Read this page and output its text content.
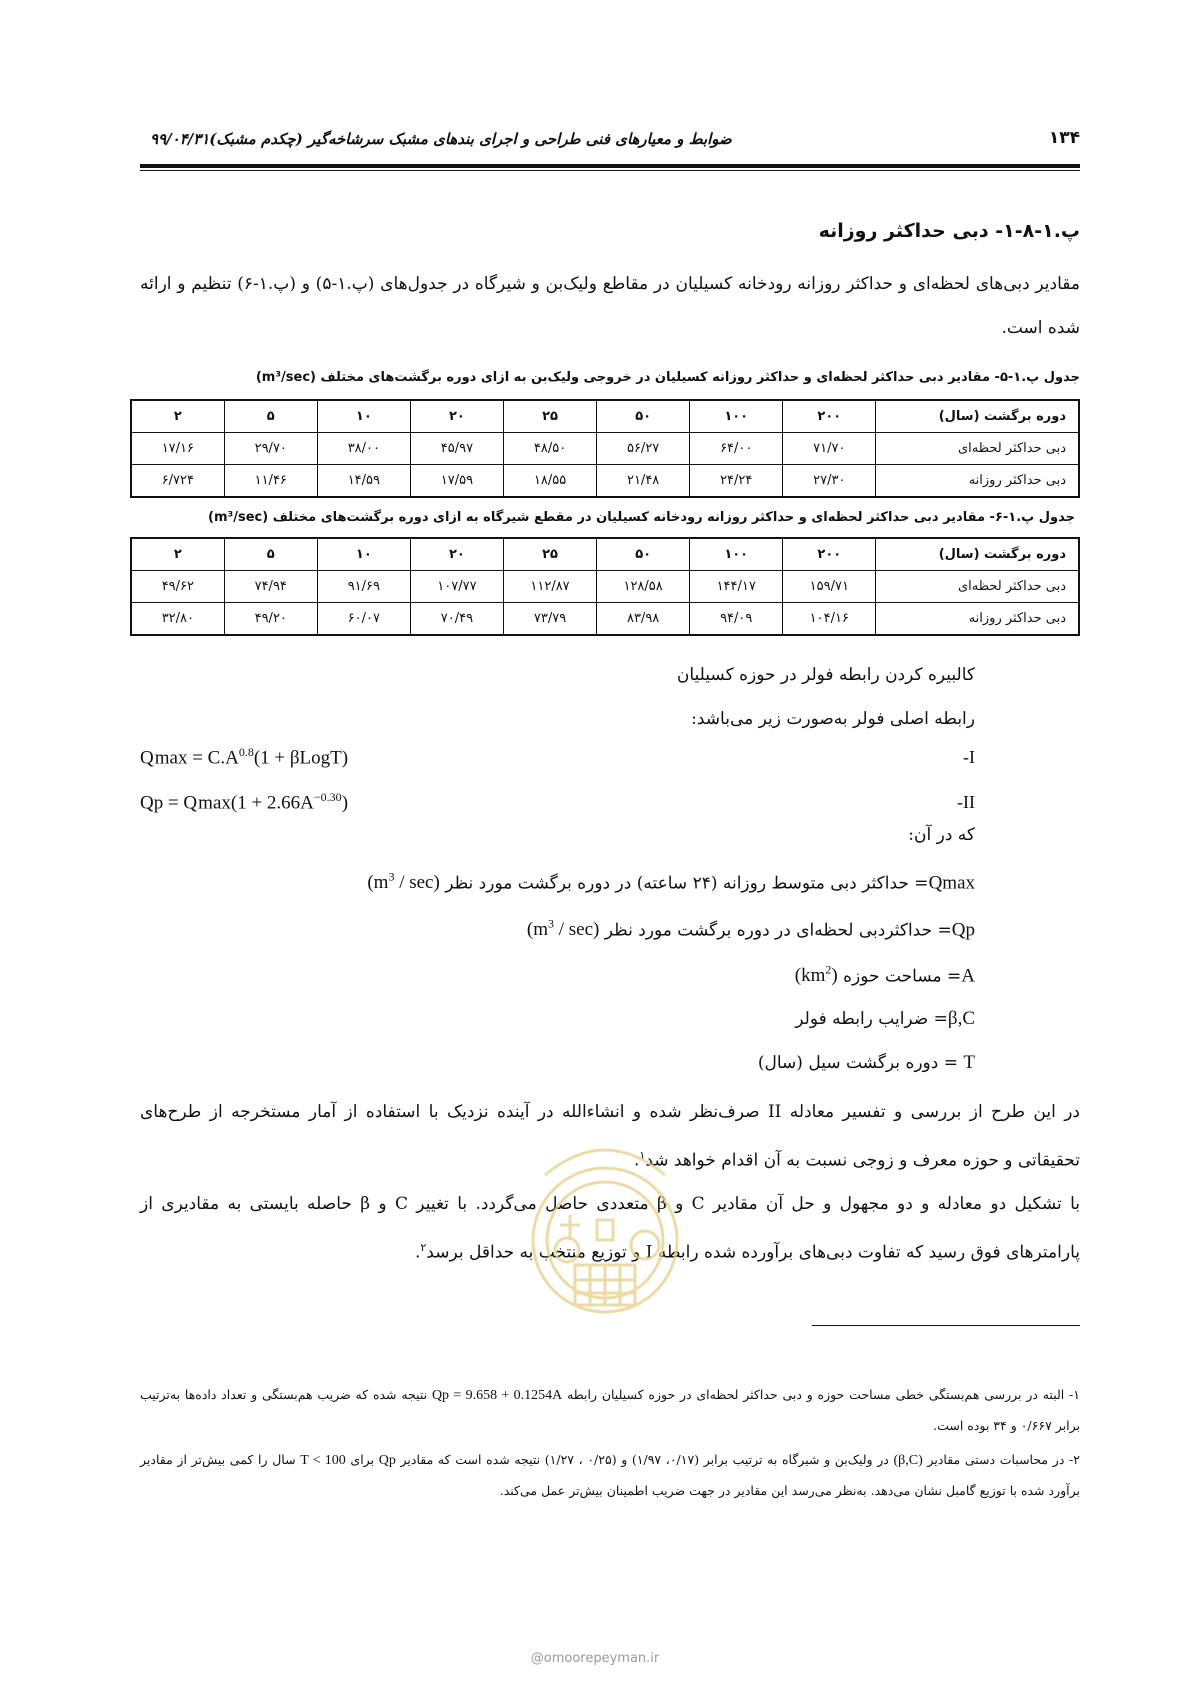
۱۳۴
ضوابط و معیارهای فنی طراحی و اجرای بندهای مشبک سرشاخه‌گیر (چکدم مشبک)۹۹/۰۴/۳۱
پ.۱-۸-۱- دبی حداکثر روزانه
مقادیر دبی‌های لحظه‌ای و حداکثر روزانه رودخانه کسیلیان در مقاطع ولیک‌بن و شیرگاه در جدول‌های (پ.۱-۵) و (پ.۱-۶) تنظیم و ارائه شده است.
جدول پ.۱-۵- مقادیر دبی حداکثر لحظه‌ای و حداکثر روزانه کسیلیان در خروجی ولیک‌بن به ازای دوره برگشت‌های مختلف (m³/sec)
دوره برگشت (سال)	۲۰۰	۱۰۰	۵۰	۲۵	۲۰	۱۰	۵	۲
دبی حداکثر لحظه‌ای	۷۱/۷۰	۶۴/۰۰	۵۶/۲۷	۴۸/۵۰	۴۵/۹۷	۳۸/۰۰	۲۹/۷۰	۱۷/۱۶
دبی حداکثر روزانه	۲۷/۳۰	۲۴/۲۴	۲۱/۴۸	۱۸/۵۵	۱۷/۵۹	۱۴/۵۹	۱۱/۴۶	۶/۷۲۴
جدول پ.۱-۶- مقادیر دبی حداکثر لحظه‌ای و حداکثر روزانه رودخانه کسیلیان در مقطع شیرگاه به ازای دوره برگشت‌های مختلف (m³/sec)
دوره برگشت (سال)	۲۰۰	۱۰۰	۵۰	۲۵	۲۰	۱۰	۵	۲
دبی حداکثر لحظه‌ای	۱۵۹/۷۱	۱۴۴/۱۷	۱۲۸/۵۸	۱۱۲/۸۷	۱۰۷/۷۷	۹۱/۶۹	۷۴/۹۴	۴۹/۶۲
دبی حداکثر روزانه	۱۰۴/۱۶	۹۴/۰۹	۸۳/۹۸	۷۳/۷۹	۷۰/۴۹	۶۰/۰۷	۴۹/۲۰	۳۲/۸۰
کالبیره کردن رابطه فولر در حوزه کسیلیان
رابطه اصلی فولر به‌صورت زیر می‌باشد:
$Qmax = C.A^{0.8}(1$ + βLogT)	-I
$Qp = Qmax(1 + 2.66A^{-0.30})$	-II
که در آن:
Qmax= حداکثر دبی متوسط روزانه (۲۴ ساعته) در دوره برگشت مورد نظر $(m^3 / \sec)$
Qp= حداکثردبی لحظه‌ای در دوره برگشت مورد نظر $(m^3 / \sec)$
A= مساحت حوزه $(km^2)$
β,C= ضرایب رابطه فولر
T = دوره برگشت سیل (سال)
در این طرح از بررسی و تفسیر معادله II صرف‌نظر شده و انشاءالله در آینده نزدیک با استفاده از آمار مستخرجه از طرح‌های تحقیقاتی و حوزه معرف و زوجی نسبت به آن اقدام خواهد شد$^۱$.
با تشکیل دو معادله و دو مجهول و حل آن مقادیر C و β متعددی حاصل می‌گردد. با تغییر C و β حاصله بایستی به مقادیری از پارامترهای فوق رسید که تفاوت دبی‌های برآورده شده رابطه I و توزیع منتخب به حداقل برسد$^۲$.
۱- البته در بررسی هم‌بستگی خطی مساحت حوزه و دبی حداکثر لحظه‌ای در حوزه کسیلیان رابطه Qp = 9.658 + 0.1254A نتیجه شده که ضریب هم‌بستگی و تعداد داده‌ها به‌ترتیب برابر ۰/۶۶۷ و ۳۴ بوده است.
۲- در محاسبات دستی مقادیر (β,C) در ولیک‌بن و شیرگاه به ترتیب برابر (۰/۱۷، ۱/۹۷) و (۰/۲۵ ، ۱/۲۷) نتیجه شده است که مقادیر Qp برای T < 100 سال را کمی بیش‌تر از مقادیر برآورد شده با توزیع گامبل نشان می‌دهد. به‌نظر می‌رسد این مقادیر در جهت ضریب اطمینان بیش‌تر عمل می‌کند.
@omoorepeyman.ir
